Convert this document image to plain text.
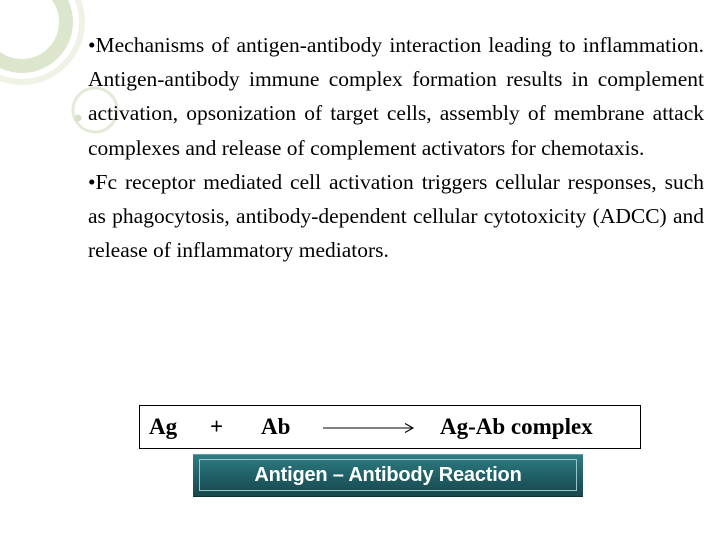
•Mechanisms of antigen-antibody interaction leading to inflammation. Antigen-antibody immune complex formation results in complement activation, opsonization of target cells, assembly of membrane attack complexes and release of complement activators for chemotaxis.

•Fc receptor mediated cell activation triggers cellular responses, such as phagocytosis, antibody-dependent cellular cytotoxicity (ADCC) and release of inflammatory mediators.

Ag + Ab	Ag-Ab complex
Antigen – Antibody Reaction
